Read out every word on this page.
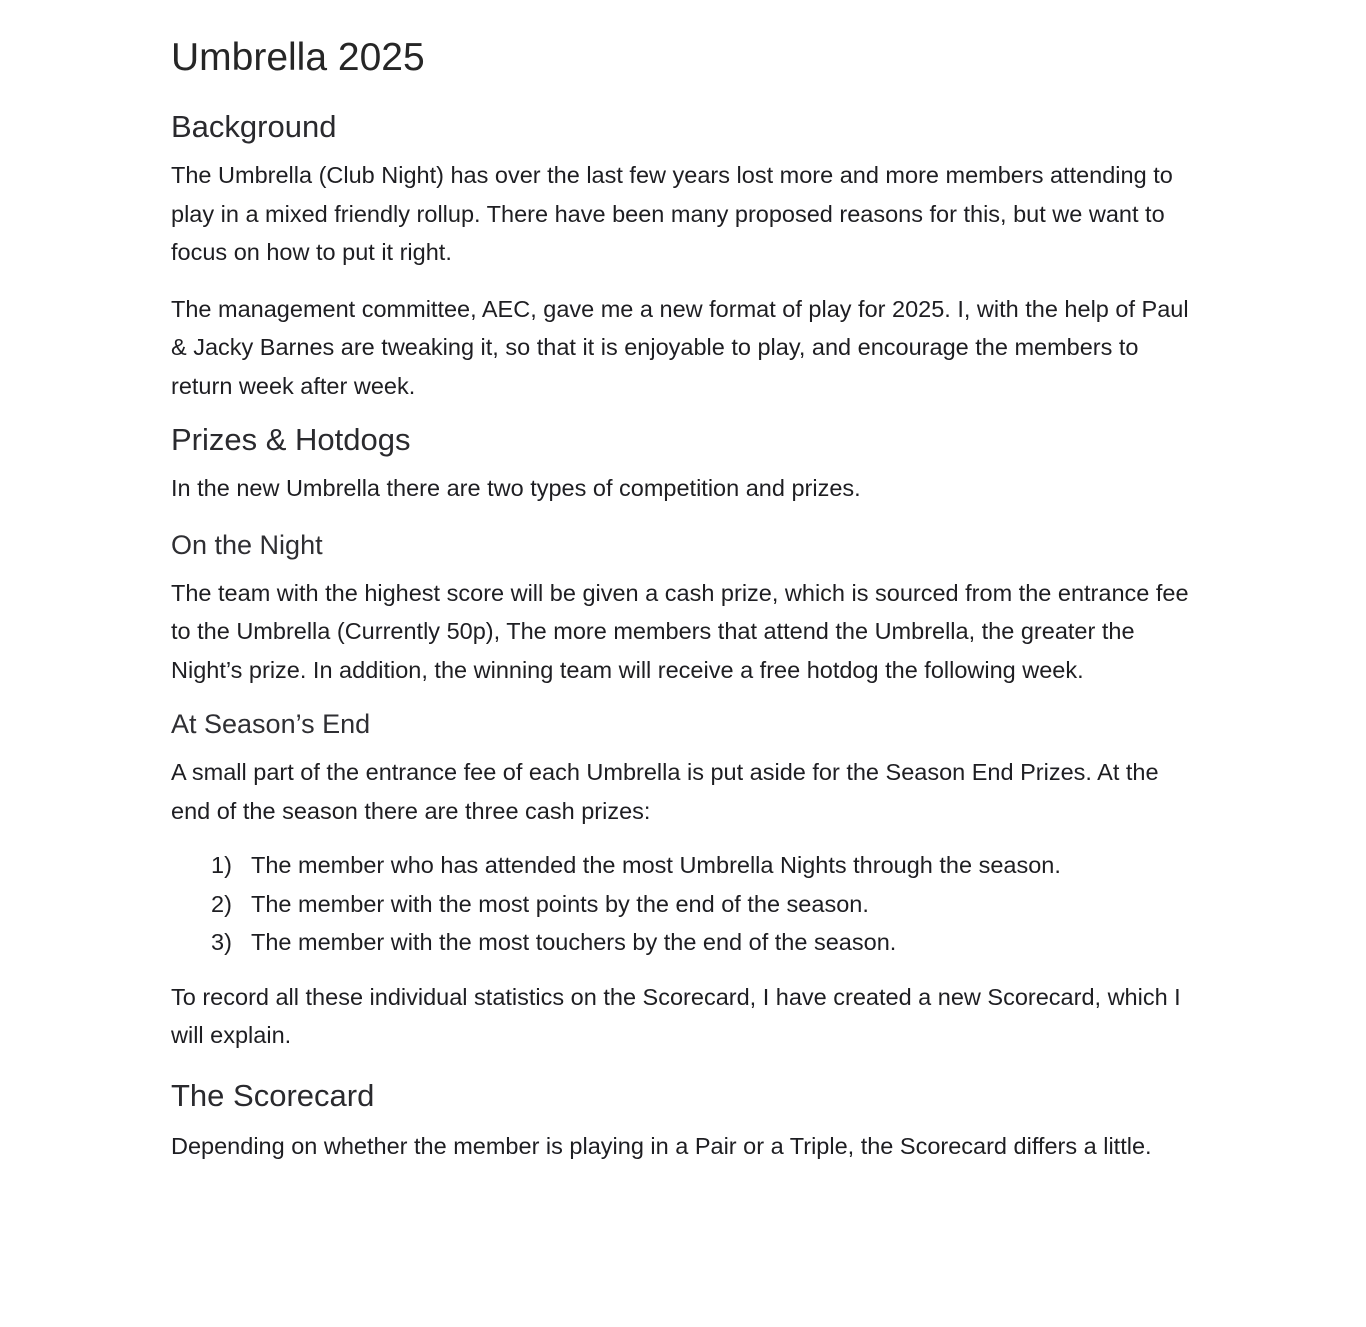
Umbrella 2025
Background

The Umbrella (Club Night) has over the last few years lost more and more members attending to play in a mixed friendly rollup. There have been many proposed reasons for this, but we want to focus on how to put it right.

The management committee, AEC, gave me a new format of play for 2025. I, with the help of Paul & Jacky Barnes are tweaking it, so that it is enjoyable to play, and encourage the members to return week after week.

Prizes & Hotdogs

In the new Umbrella there are two types of competition and prizes.

On the Night

The team with the highest score will be given a cash prize, which is sourced from the entrance fee to the Umbrella (Currently 50p), The more members that attend the Umbrella, the greater the Night’s prize. In addition, the winning team will receive a free hotdog the following week.

At Season’s End

A small part of the entrance fee of each Umbrella is put aside for the Season End Prizes. At the end of the season there are three cash prizes:

1) The member who has attended the most Umbrella Nights through the season.
2) The member with the most points by the end of the season.
3) The member with the most touchers by the end of the season.

To record all these individual statistics on the Scorecard, I have created a new Scorecard, which I will explain.

The Scorecard

Depending on whether the member is playing in a Pair or a Triple, the Scorecard differs a little.
